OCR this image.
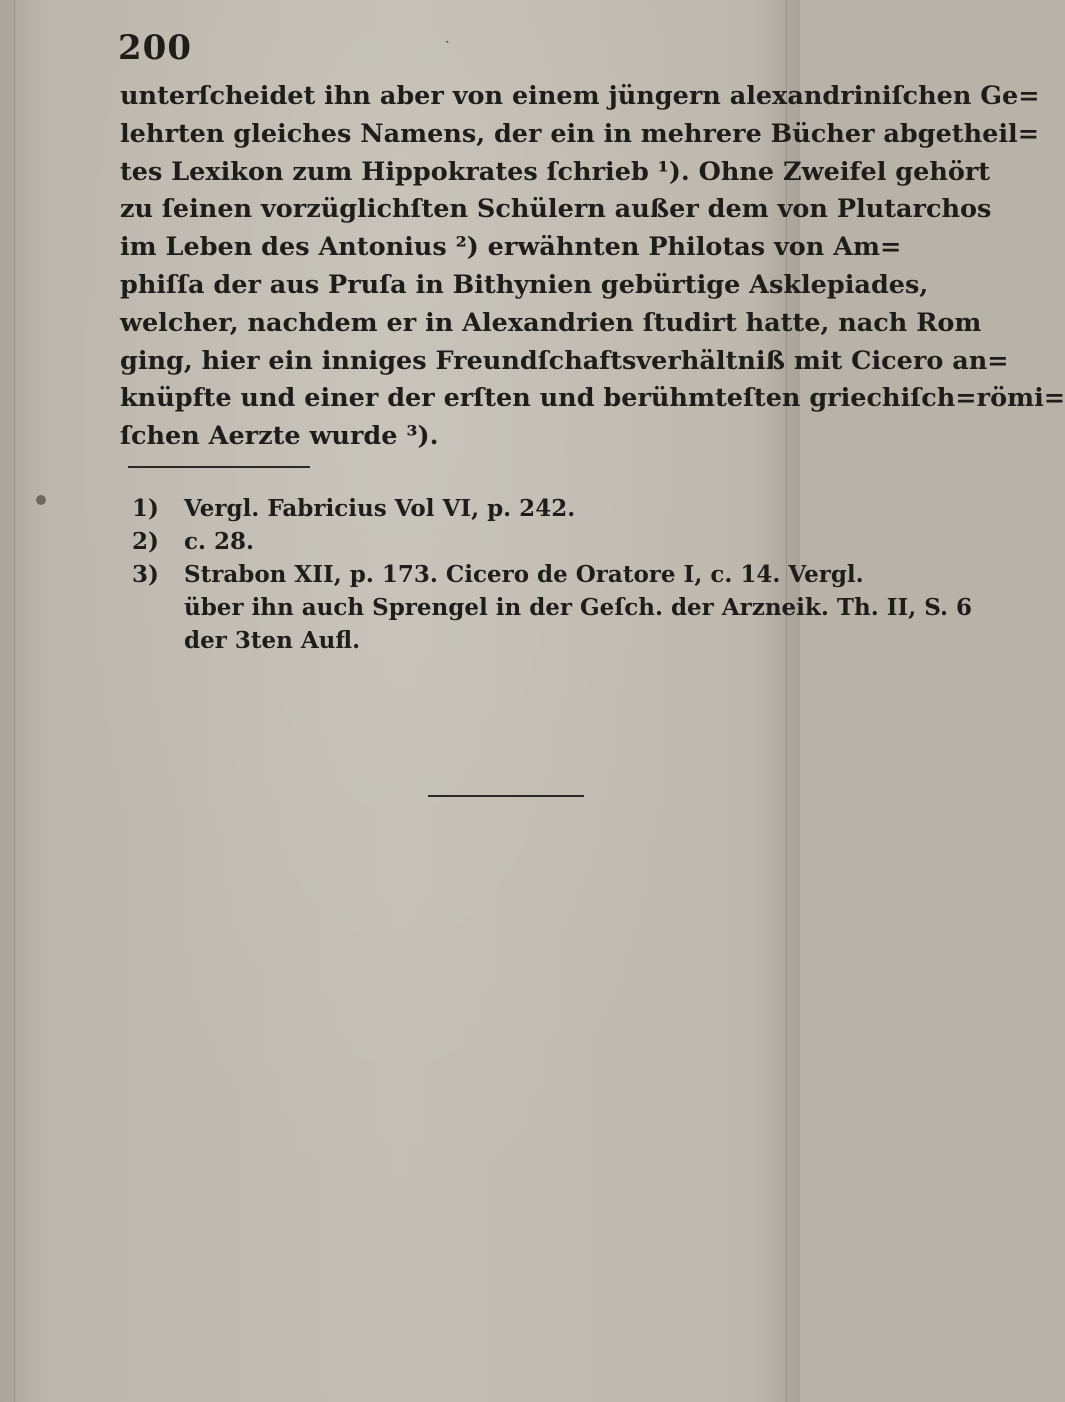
200	ˎ
unterſcheidet ihn aber von einem jüngern alexandriniſchen Ge=
lehrten gleiches Namens, der ein in mehrere Bücher abgetheil=
tes Lexikon zum Hippokrates ſchrieb ¹). Ohne Zweifel gehört
zu ſeinen vorzüglichſten Schülern außer dem von Plutarchos
im Leben des Antonius ²) erwähnten Philotas von Am=
phiſſa der aus Pruſa in Bithynien gebürtige Asklepiades,
welcher, nachdem er in Alexandrien ſtudirt hatte, nach Rom
ging, hier ein inniges Freundſchaftsverhältniß mit Cicero an=
knüpfte und einer der erſten und berühmteſten griechiſch=römi=
ſchen Aerzte wurde ³).
1)	Vergl. Fabricius Vol VI, p. 242.
2)	c. 28.
3)	Strabon XII, p. 173. Cicero de Oratore I, c. 14. Vergl.
über ihn auch Sprengel in der Geſch. der Arzneik. Th. II, S. 6
der 3ten Aufl.
